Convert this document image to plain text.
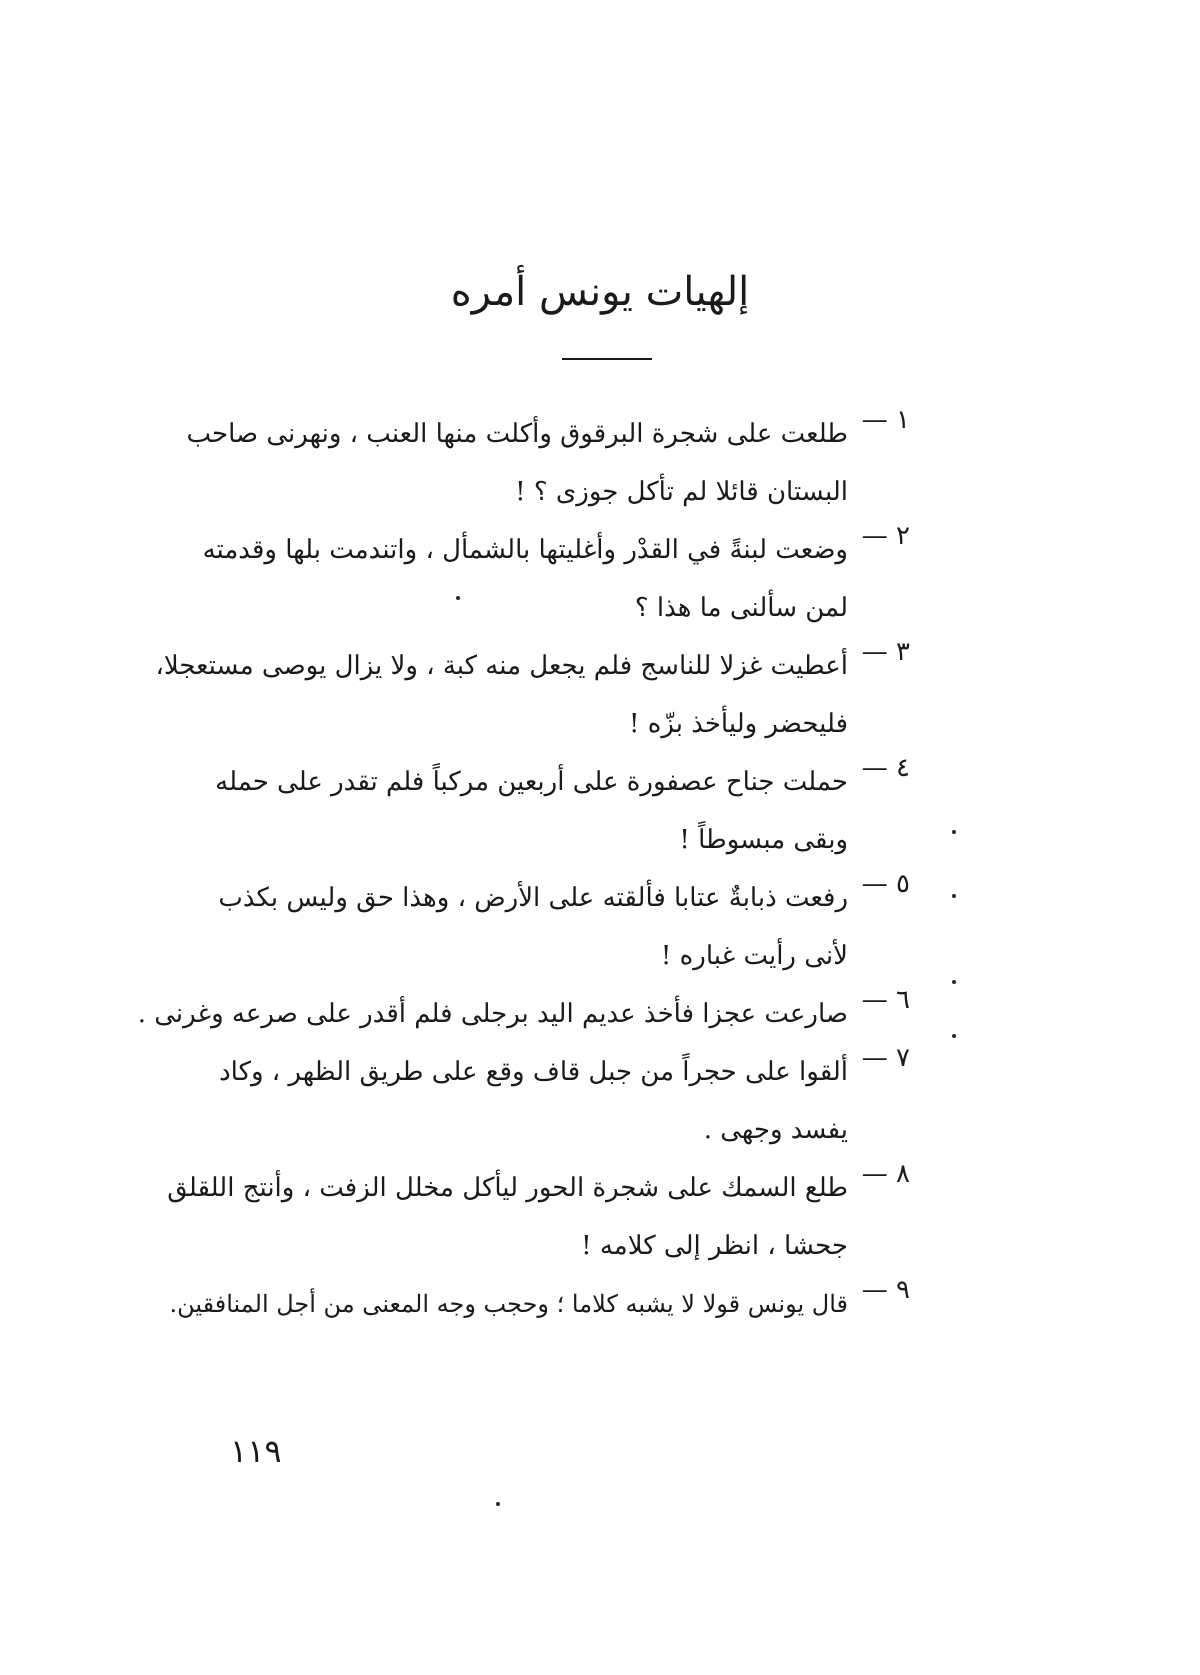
إلهيات يونس أمره
١ —
طلعت على شجرة البرقوق وأكلت منها العنب ، ونهرنى صاحب
البستان قائلا لم تأكل جوزى ؟ !
٢ —
وضعت لبنةً في القدْر وأغليتها بالشمأل ، واتندمت بلها وقدمته
لمن سألنى ما هذا ؟
٣ —
أعطيت غزلا للناسج فلم يجعل منه كبة ، ولا يزال يوصى مستعجلا،
فليحضر وليأخذ بزّه !
٤ —
حملت جناح عصفورة على أربعين مركباً فلم تقدر على حمله
وبقى مبسوطاً !
٥ —
رفعت ذبابةٌ عتابا فألقته على الأرض ، وهذا حق وليس بكذب
لأنى رأيت غباره !
٦ —
صارعت عجزا فأخذ عديم اليد برجلى فلم أقدر على صرعه وغرنى .
٧ —
ألقوا على حجراً من جبل قاف وقع على طريق الظهر ، وكاد
يفسد وجهى .
٨ —
طلع السمك على شجرة الحور ليأكل مخلل الزفت ، وأنتج اللقلق
جحشا ، انظر إلى كلامه !
٩ —
قال يونس قولا لا يشبه كلاما ؛ وحجب وجه المعنى من أجل المنافقين.
١١٩
